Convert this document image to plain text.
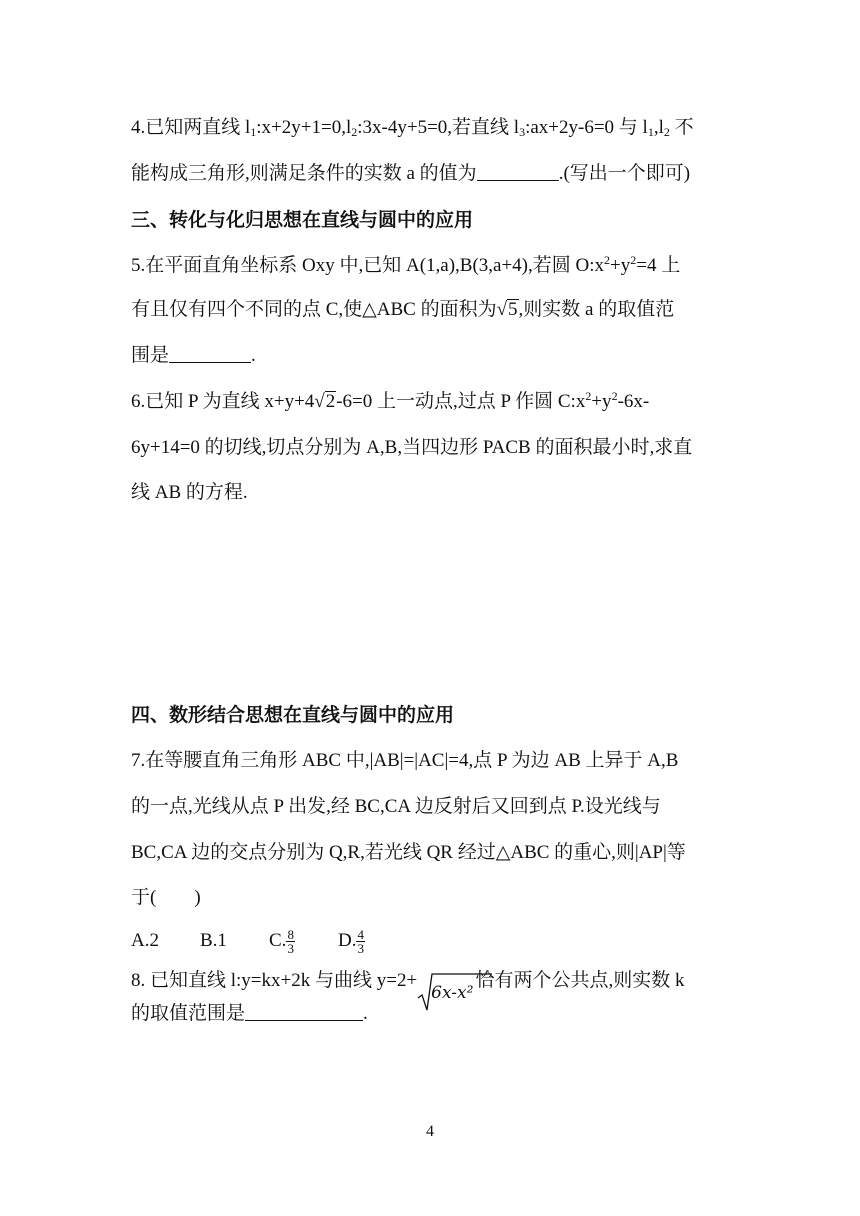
4.已知两直线 $l_1:x+2y+1=0,l_2:3x-4y+5=0$,若直线 $l_3:ax+2y-6=0$ 与 $l_1,l_2$ 不
能构成三角形,则满足条件的实数 a 的值为	.(写出一个即可)
三、转化与化归思想在直线与圆中的应用
5.在平面直角坐标系 Oxy 中,已知 A(1,a),B(3,a+4),若圆 $O:x^2+y^2=4$ 上
有且仅有四个不同的点 C,使△ABC 的面积为√5,则实数 a 的取值范
围是	.
6.已知 P 为直线 x+y+4√2-6=0 上一动点,过点 P 作圆 $C:x^2+y^2-6x-$
6y+14=0 的切线,切点分别为 A,B,当四边形 PACB 的面积最小时,求直
线 AB 的方程.
四、数形结合思想在直线与圆中的应用
7.在等腰直角三角形 ABC 中,|AB|=|AC|=4,点 P 为边 AB 上异于 A,B
的一点,光线从点 P 出发,经 BC,CA 边反射后又回到点 P.设光线与
BC,CA 边的交点分别为 Q,R,若光线 QR 经过△ABC 的重心,则|AP|等
于(　　)
A.2 B.1 C. $\frac{8}{3} D$. $\frac{4}{3}$
8. 已知直线 l:y=kx+2k 与曲线 y=2+
6x-x²恰有两个公共点,则实数 k
的取值范围是	.
4
